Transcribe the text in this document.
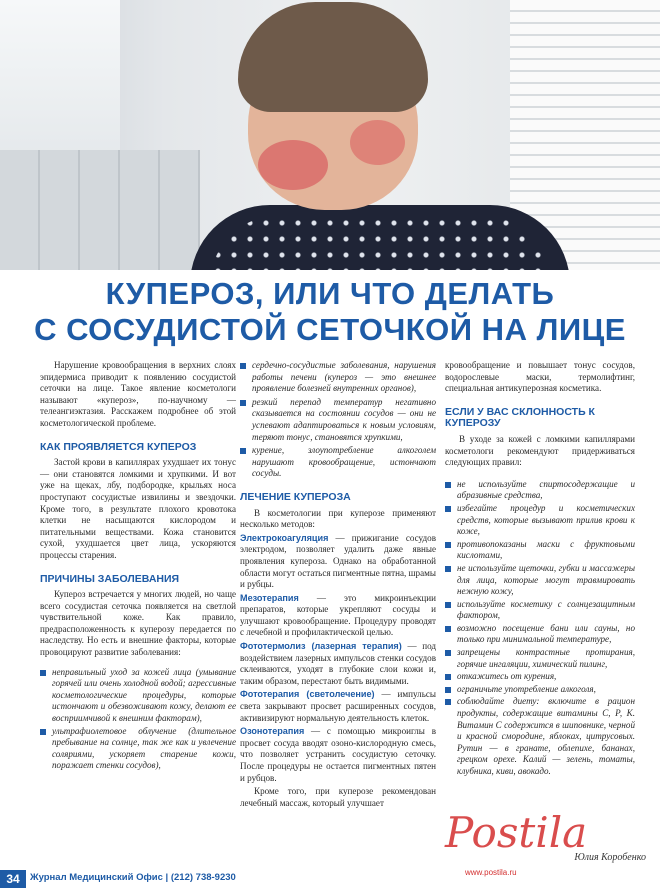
КУПЕРОЗ, ИЛИ ЧТО ДЕЛАТЬ
С СОСУДИСТОЙ СЕТОЧКОЙ НА ЛИЦЕ

Нарушение кровообращения в верхних слоях эпидермиса приводит к появлению сосудистой сеточки на лице. Такое явление косметологи называют «купероз», по-научному — телеангиэктазия. Расскажем подробнее об этой косметологической проблеме.

КАК ПРОЯВЛЯЕТСЯ КУПЕРОЗ

Застой крови в капиллярах ухудшает их тонус — они становятся ломкими и хрупкими. И вот уже на щеках, лбу, подбородке, крыльях носа проступают сосудистые извилины и звездочки. Кроме того, в результате плохого кровотока клетки не насыщаются кислородом и питательными веществами. Кожа становится сухой, ухудшается цвет лица, ускоряются процессы старения.

ПРИЧИНЫ ЗАБОЛЕВАНИЯ

Купероз встречается у многих людей, но чаще всего сосудистая сеточка появляется на светлой чувствительной коже. Как правило, предрасположенность к куперозу передается по наследству. Но есть и внешние факторы, которые провоцируют развитие заболевания:

неправильный уход за кожей лица (умывание горячей или очень холодной водой; агрессивные косметологические процедуры, которые истончают и обезвоживают кожу, делают ее восприимчивой к внешним факторам),
ультрафиолетовое облучение (длительное пребывание на солнце, так же как и увлечение соляриями, ускоряет старение кожи, поражает стенки сосудов),
сердечно-сосудистые заболевания, нарушения работы печени (купероз — это внешнее проявление болезней внутренних органов),
резкий перепад температур негативно сказывается на состоянии сосудов — они не успевают адаптироваться к новым условиям, теряют тонус, становятся хрупкими,
курение, злоупотребление алкоголем нарушают кровообращение, истончают сосуды.
ЛЕЧЕНИЕ КУПЕРОЗА

В косметологии при куперозе применяют несколько методов:

Электрокоагуляция — прижигание сосудов электродом, позволяет удалить даже явные проявления купероза. Однако на обработанной области могут остаться пигментные пятна, шрамы и рубцы.

Мезотерапия — это микроинъекции препаратов, которые укрепляют сосуды и улучшают кровообращение. Процедуру проводят с лечебной и профилактической целью.

Фототермолиз (лазерная терапия) — под воздействием лазерных импульсов стенки сосудов склеиваются, уходят в глубокие слои кожи и, таким образом, перестают быть видимыми.

Фототерапия (светолечение) — импульсы света закрывают просвет расширенных сосудов, активизируют нормальную деятельность клеток.

Озонотерапия — с помощью микроиглы в просвет сосуда вводят озоно-кислородную смесь, что позволяет устранить сосудистую сеточку. После процедуры не остается пигментных пятен и рубцов.

Кроме того, при куперозе рекомендован лечебный массаж, который улучшает

кровообращение и повышает тонус сосудов, водорослевые маски, термолифтинг, специальная антикуперозная косметика.

ЕСЛИ У ВАС СКЛОННОСТЬ К КУПЕРОЗУ

В уходе за кожей с ломкими капиллярами косметологи рекомендуют придерживаться следующих правил:

не используйте спиртосодержащие и абразивные средства,
избегайте процедур и косметических средств, которые вызывают прилив крови к коже,
противопоказаны маски с фруктовыми кислотами,
не используйте щеточки, губки и массажеры для лица, которые могут травмировать нежную кожу,
используйте косметику с солнцезащитным фактором,
возможно посещение бани или сауны, но только при минимальной температуре,
запрещены контрастные протирания, горячие ингаляции, химический пилинг,
откажитесь от курения,
ограничьте употребление алкоголя,
соблюдайте диету: включите в рацион продукты, содержащие витамины С, Р, К. Витамин С содержится в шиповнике, черной и красной смородине, яблоках, цитрусовых. Рутин — в гранате, облепихе, бананах, грецком орехе. Калий — зелень, томаты, клубника, киви, авокадо.
Postila
www.postila.ru
Юлия Коробенко
34	Журнал Медицинский Офис | (212) 738-9230
